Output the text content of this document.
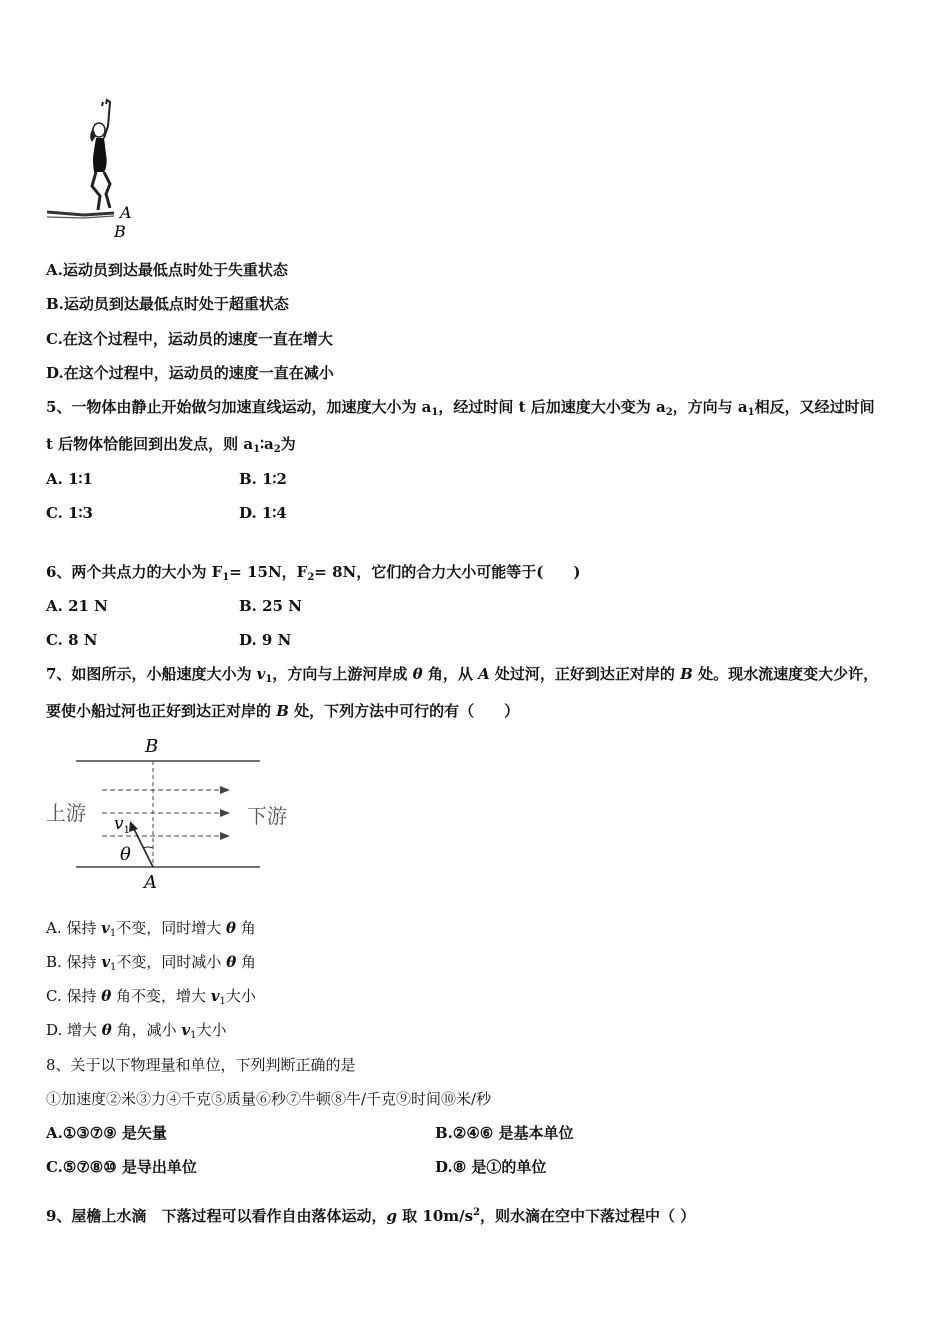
A
B
A.运动员到达最低点时处于失重状态
B.运动员到达最低点时处于超重状态
C.在这个过程中，运动员的速度一直在增大
D.在这个过程中，运动员的速度一直在减小
5、一物体由静止开始做匀加速直线运动，加速度大小为 $a_1$，经过时间 t 后加速度大小变为 $a_2$，方向与 $a_1$相反，又经过时间
t 后物体恰能回到出发点，则 $a_1∶a_2$为
A. 1∶1	B. 1∶2
C. 1∶3	D. 1∶4
6、两个共点力的大小为 $F_1= 15N$，$F_2= 8N$，它们的合力大小可能等于(　　)
A. 21 N	B. 25 N
C. 8 N	D. 9 N
7、如图所示，小船速度大小为 $v_1$，方向与上游河岸成 θ 角，从 A 处过河，正好到达正对岸的 B 处。现水流速度变大少许，
要使小船过河也正好到达正对岸的 B 处，下列方法中可行的有（　　）
B
A
上游	下游
$v_1$
θ
A. 保持 $v_1$不变，同时增大 θ 角
B. 保持 $v_1$不变，同时减小 θ 角
C. 保持 θ 角不变，增大 $v_1$大小
D. 增大 θ 角，减小 $v_1$大小
8、关于以下物理量和单位，下列判断正确的是
①加速度②米③力④千克⑤质量⑥秒⑦牛顿⑧牛/千克⑨时间⑩米/秒
A.①③⑦⑨ 是矢量	B.②④⑥ 是基本单位
C.⑤⑦⑧⑩ 是导出单位	D.⑧ 是①的单位
9、屋檐上水滴　下落过程可以看作自由落体运动，g 取 $10m/s^2$，则水滴在空中下落过程中（ ）
